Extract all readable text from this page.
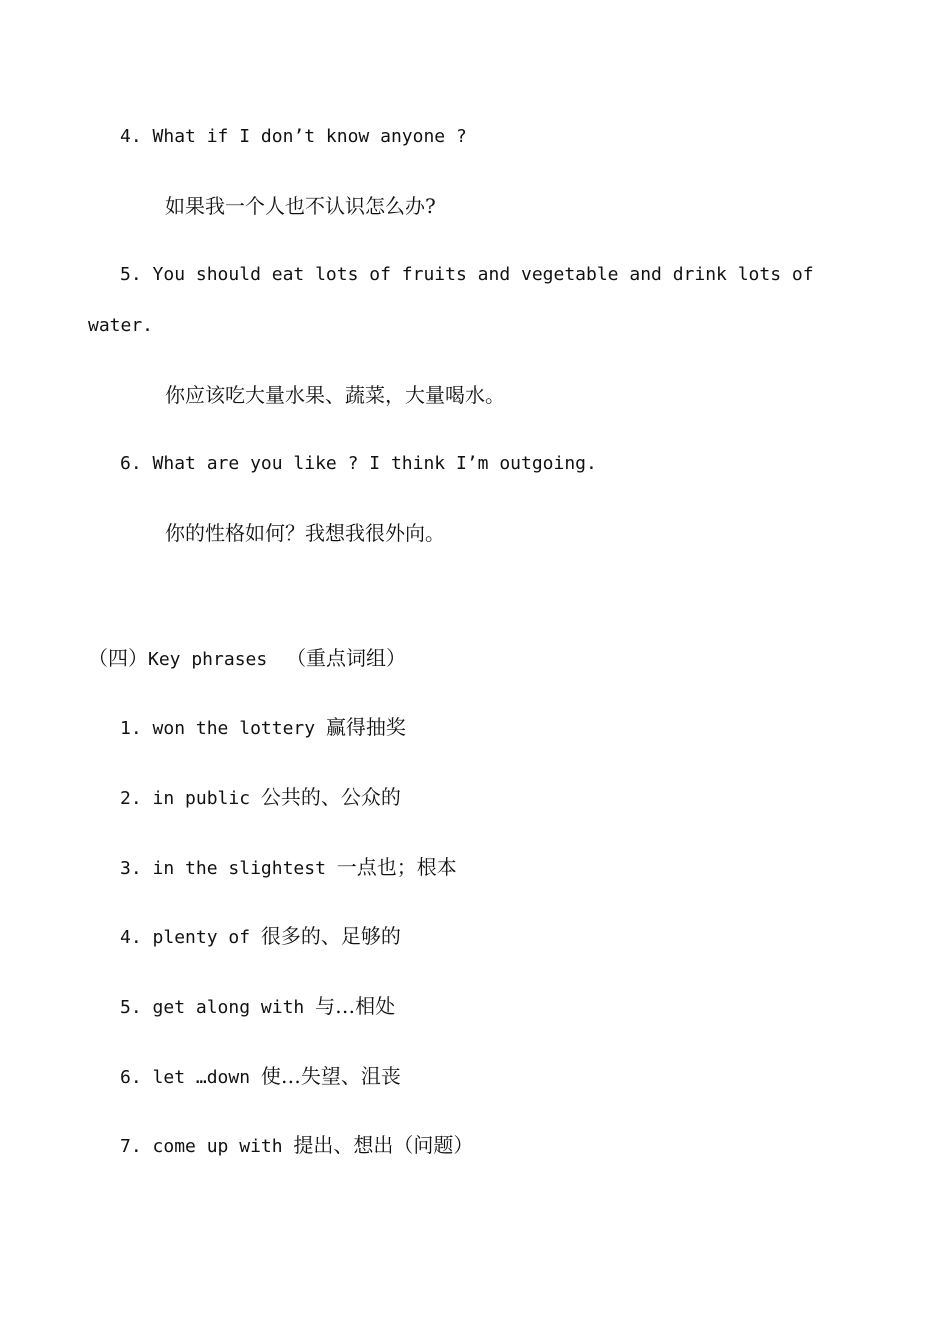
4. What if I don’t know anyone ?
如果我一个人也不认识怎么办?
5. You should eat lots of fruits and vegetable and drink lots of
water.
你应该吃大量水果、蔬菜，大量喝水。
6. What are you like ? I think I’m outgoing.
你的性格如何？我想我很外向。
（四）Key phrases （重点词组）
1. won the lottery 赢得抽奖
2. in public 公共的、公众的
3. in the slightest 一点也；根本
4. plenty of 很多的、足够的
5. get along with 与…相处
6. let …down 使…失望、沮丧
7. come up with 提出、想出（问题）
